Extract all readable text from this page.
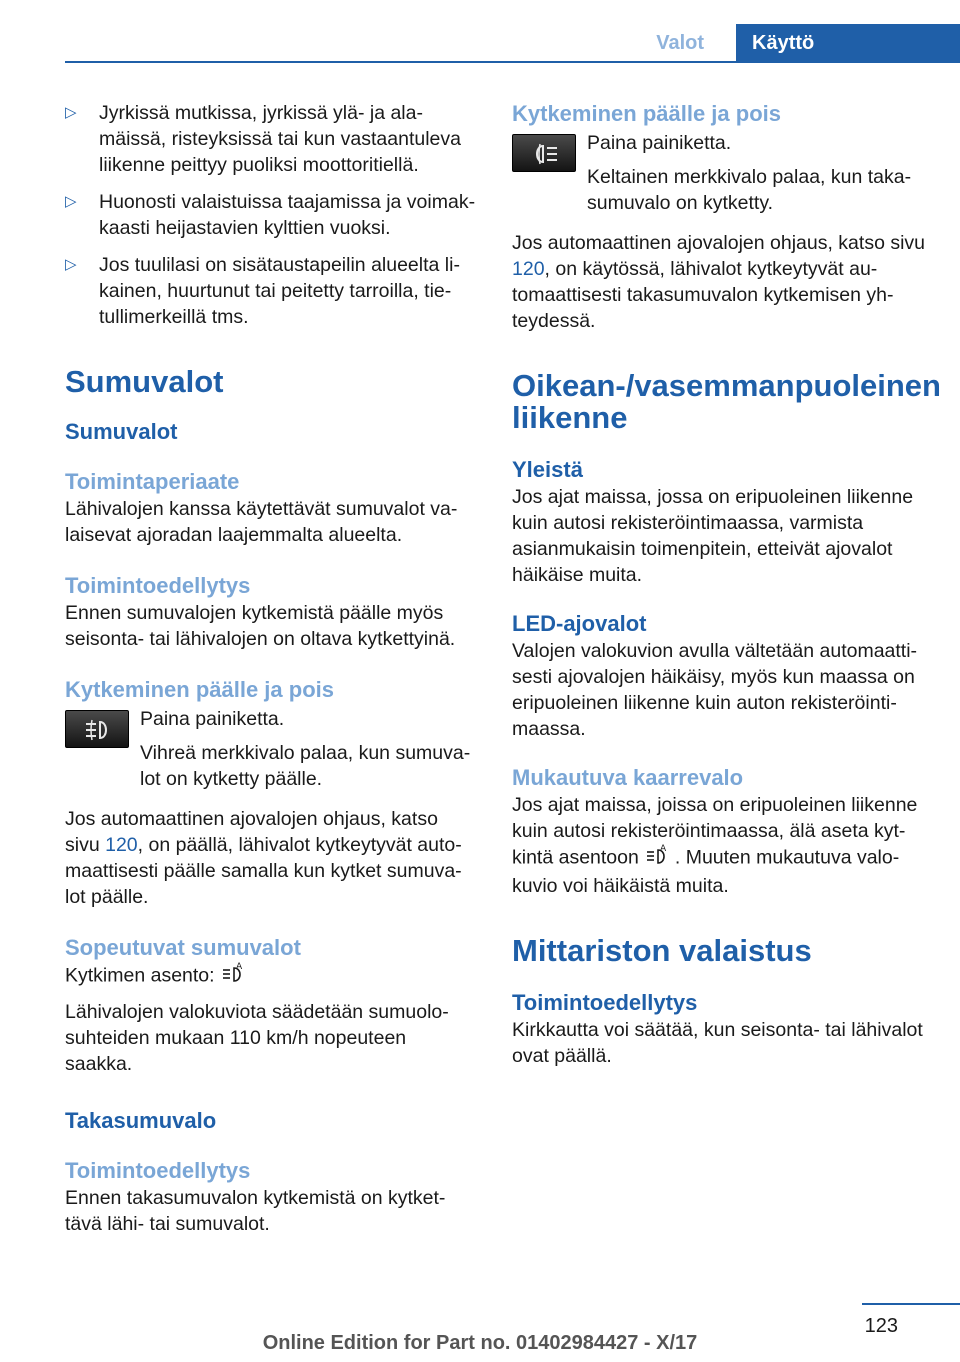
Valot	Käyttö
▷ Jyrkissä mutkissa, jyrkissä ylä- ja ala-mäissä, risteyksissä tai kun vastaantuleva liikenne peittyy puoliksi moottoritiellä.
▷ Huonosti valaistuissa taajamissa ja voimak-kaasti heijastavien kylttien vuoksi.
▷ Jos tuulilasi on sisätaustapeilin alueelta li-kainen, huurtunut tai peitetty tarroilla, tie-tullimerkeillä tms.
Sumuvalot
Sumuvalot
Toimintaperiaate

Lähivalojen kanssa käytettävät sumuvalot va-laisevat ajoradan laajemmalta alueelta.

Toimintoedellytys

Ennen sumuvalojen kytkemistä päälle myös seisonta- tai lähivalojen on oltava kytkettyinä.

Kytkeminen päälle ja pois

Paina painiketta.

Vihreä merkkivalo palaa, kun sumuva-lot on kytketty päälle.

Jos automaattinen ajovalojen ohjaus, katso sivu 120, on päällä, lähivalot kytkeytyvät auto-maattisesti päälle samalla kun kytket sumuva-lot päälle.

Sopeutuvat sumuvalot

Kytkimen asento: A

Lähivalojen valokuviota säädetään sumuolo-suhteiden mukaan 110 km/h nopeuteen saakka.

Takasumuvalo
Toimintoedellytys

Ennen takasumuvalon kytkemistä on kytket-tävä lähi- tai sumuvalot.

Kytkeminen päälle ja pois

Paina painiketta.

Keltainen merkkivalo palaa, kun taka-sumuvalo on kytketty.

Jos automaattinen ajovalojen ohjaus, katso sivu 120, on käytössä, lähivalot kytkeytyvät au-tomaattisesti takasumuvalon kytkemisen yh-teydessä.

Oikean-/vasemmanpuoleinen liikenne
Yleistä

Jos ajat maissa, jossa on eripuoleinen liikenne kuin autosi rekisteröintimaassa, varmista asianmukaisin toimenpitein, etteivät ajovalot häikäise muita.

LED-ajovalot

Valojen valokuvion avulla vältetään automaatti-sesti ajovalojen häikäisy, myös kun maassa on eripuoleinen liikenne kuin auton rekisteröinti-maassa.

Mukautuva kaarrevalo

Jos ajat maissa, joissa on eripuoleinen liikenne kuin autosi rekisteröintimaassa, älä aseta kyt-kintä asentoon A . Muuten mukautuva valo-kuvio voi häikäistä muita.

Mittariston valaistus
Toimintoedellytys

Kirkkautta voi säätää, kun seisonta- tai lähivalot ovat päällä.

123
Online Edition for Part no. 01402984427 - X/17
